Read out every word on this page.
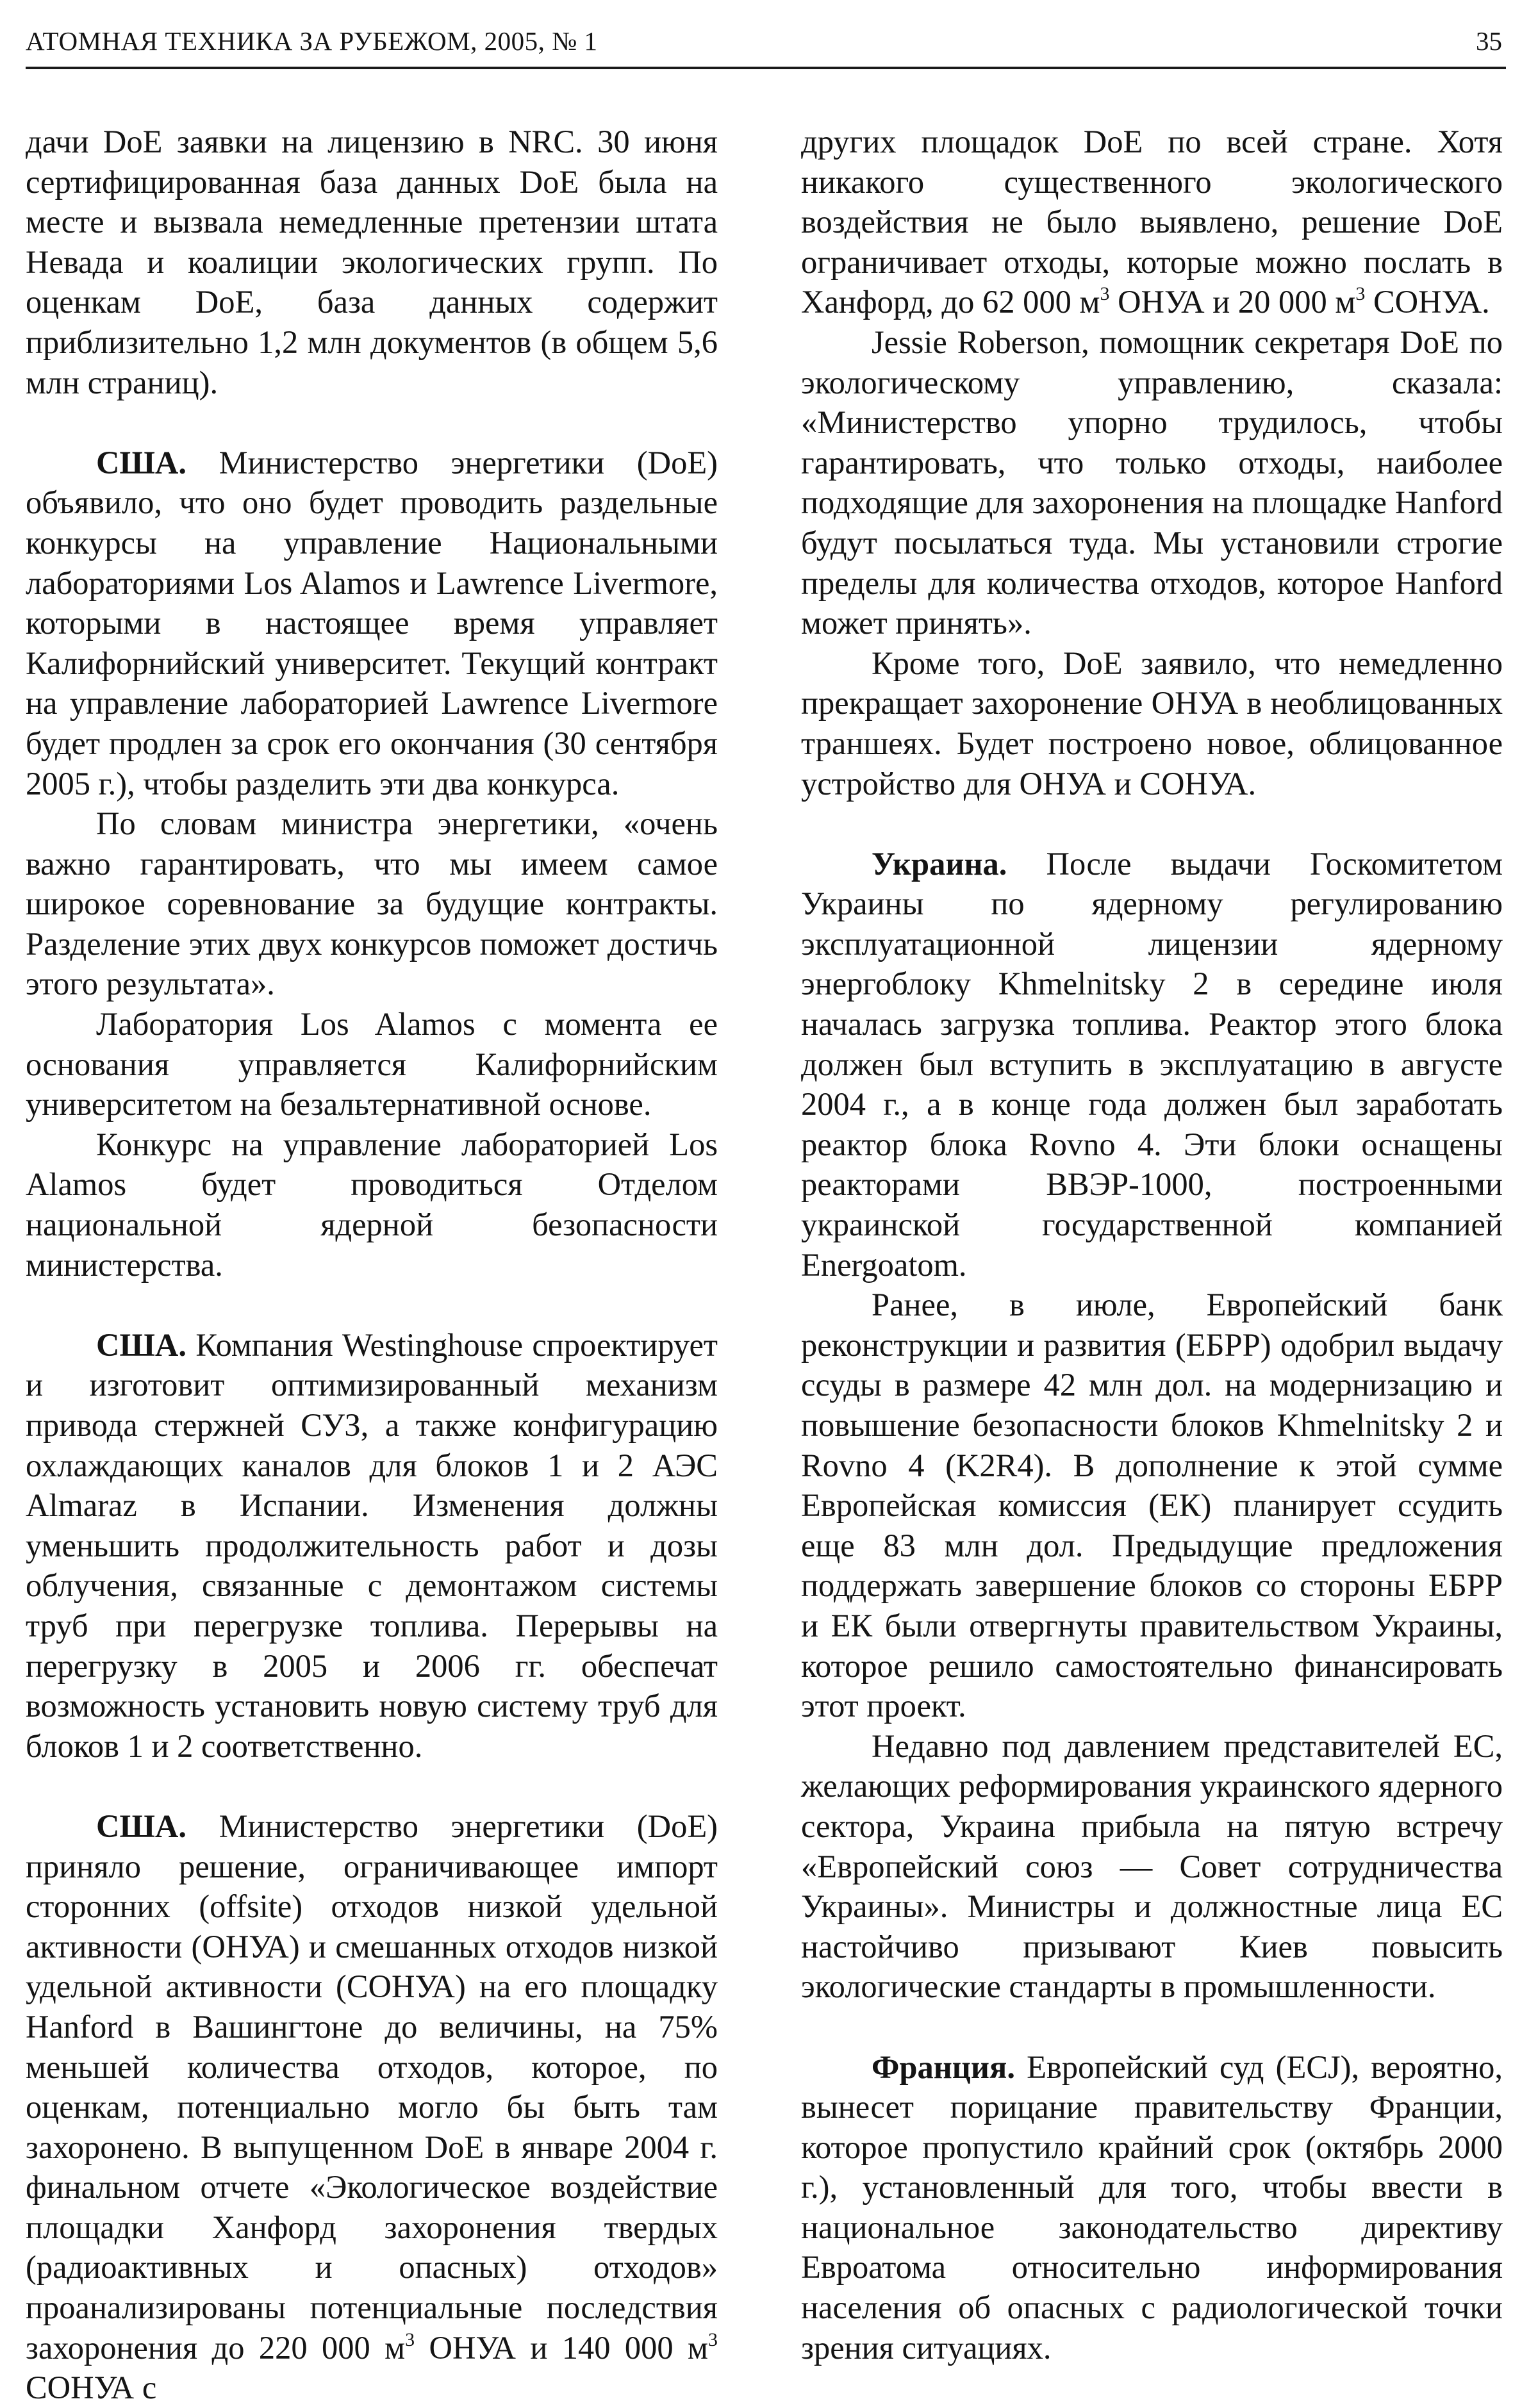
АТОМНАЯ ТЕХНИКА ЗА РУБЕЖОМ, 2005, № 1	35

дачи DoE заявки на лицензию в NRC. 30 июня сертифицированная база данных DoE была на месте и вызвала немедленные претензии штата Невада и коалиции экологических групп. По оценкам DoE, база данных содержит приблизительно 1,2 млн документов (в общем 5,6 млн страниц).

США. Министерство энергетики (DoE) объявило, что оно будет проводить раздельные конкурсы на управление Национальными лабораториями Los Alamos и Lawrence Livermore, которыми в настоящее время управляет Калифорнийский университет. Текущий контракт на управление лабораторией Lawrence Livermore будет продлен за срок его окончания (30 сентября 2005 г.), чтобы разделить эти два конкурса.

По словам министра энергетики, «очень важно гарантировать, что мы имеем самое широкое соревнование за будущие контракты. Разделение этих двух конкурсов поможет достичь этого результата».

Лаборатория Los Alamos с момента ее основания управляется Калифорнийским университетом на безальтернативной основе.

Конкурс на управление лабораторией Los Alamos будет проводиться Отделом национальной ядерной безопасности министерства.

США. Компания Westinghouse спроектирует и изготовит оптимизированный механизм привода стержней СУЗ, а также конфигурацию охлаждающих каналов для блоков 1 и 2 АЭС Almaraz в Испании. Изменения должны уменьшить продолжительность работ и дозы облучения, связанные с демонтажом системы труб при перегрузке топлива. Перерывы на перегрузку в 2005 и 2006 гг. обеспечат возможность установить новую систему труб для блоков 1 и 2 соответственно.

США. Министерство энергетики (DoE) приняло решение, ограничивающее импорт сторонних (offsite) отходов низкой удельной активности (ОНУА) и смешанных отходов низкой удельной активности (СОНУА) на его площадку Hanford в Вашингтоне до величины, на 75% меньшей количества отходов, которое, по оценкам, потенциально могло бы быть там захоронено. В выпущенном DoE в январе 2004 г. финальном отчете «Экологическое воздействие площадки Ханфорд захоронения твердых (радиоактивных и опасных) отходов» проанализированы потенциальные последствия захоронения до 220 000 $м^3$ ОНУА и 140 000 $м^3$ СОНУА с

других площадок DoE по всей стране. Хотя никакого существенного экологического воздействия не было выявлено, решение DoE ограничивает отходы, которые можно послать в Ханфорд, до 62 000 $м^3$ ОНУА и 20 000 $м^3$ СОНУА.

Jessie Roberson, помощник секретаря DoE по экологическому управлению, сказала: «Министерство упорно трудилось, чтобы гарантировать, что только отходы, наиболее подходящие для захоронения на площадке Hanford будут посылаться туда. Мы установили строгие пределы для количества отходов, которое Hanford может принять».

Кроме того, DoE заявило, что немедленно прекращает захоронение ОНУА в необлицованных траншеях. Будет построено новое, облицованное устройство для ОНУА и СОНУА.

Украина. После выдачи Госкомитетом Украины по ядерному регулированию эксплуатационной лицензии ядерному энергоблоку Khmelnitsky 2 в середине июля началась загрузка топлива. Реактор этого блока должен был вступить в эксплуатацию в августе 2004 г., а в конце года должен был заработать реактор блока Rovno 4. Эти блоки оснащены реакторами ВВЭР-1000, построенными украинской государственной компанией Energoatom.

Ранее, в июле, Европейский банк реконструкции и развития (ЕБРР) одобрил выдачу ссуды в размере 42 млн дол. на модернизацию и повышение безопасности блоков Khmelnitsky 2 и Rovno 4 (K2R4). В дополнение к этой сумме Европейская комиссия (ЕК) планирует ссудить еще 83 млн дол. Предыдущие предложения поддержать завершение блоков со стороны ЕБРР и ЕК были отвергнуты правительством Украины, которое решило самостоятельно финансировать этот проект.

Недавно под давлением представителей ЕС, желающих реформирования украинского ядерного сектора, Украина прибыла на пятую встречу «Европейский союз — Совет сотрудничества Украины». Министры и должностные лица ЕС настойчиво призывают Киев повысить экологические стандарты в промышленности.

Франция. Европейский суд (ECJ), вероятно, вынесет порицание правительству Франции, которое пропустило крайний срок (октябрь 2000 г.), установленный для того, чтобы ввести в национальное законодательство директиву Евроатома относительно информирования населения об опасных с радиологической точки зрения ситуациях.
